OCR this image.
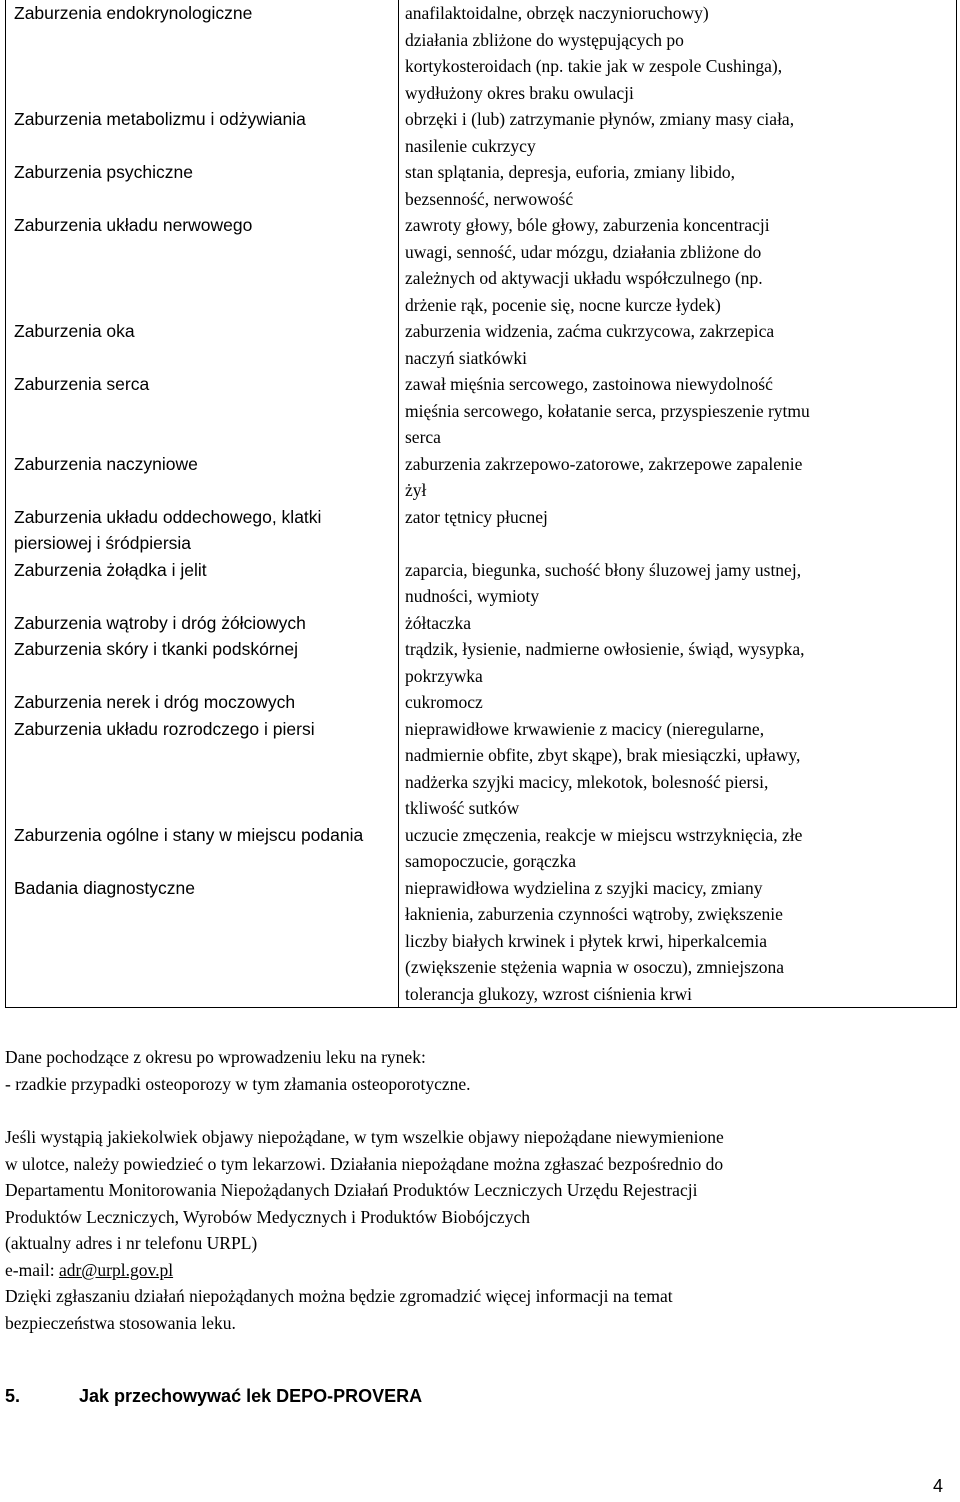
Zaburzenia endokrynologiczne	anafilaktoidalne, obrzęk naczynioruchowy)
działania zbliżone do występujących po
kortykosteroidach (np. takie jak w zespole Cushinga),
wydłużony okres braku owulacji

Zaburzenia metabolizmu i odżywiania	obrzęki i (lub) zatrzymanie płynów, zmiany masy ciała,
nasilenie cukrzycy

Zaburzenia psychiczne	stan splątania, depresja, euforia, zmiany libido,
bezsenność, nerwowość

Zaburzenia układu nerwowego	zawroty głowy, bóle głowy, zaburzenia koncentracji
uwagi, senność, udar mózgu, działania zbliżone do
zależnych od aktywacji układu współczulnego (np.
drżenie rąk, pocenie się, nocne kurcze łydek)

Zaburzenia oka	zaburzenia widzenia, zaćma cukrzycowa, zakrzepica
naczyń siatkówki

Zaburzenia serca	zawał mięśnia sercowego, zastoinowa niewydolność
mięśnia sercowego, kołatanie serca, przyspieszenie rytmu
serca

Zaburzenia naczyniowe	zaburzenia zakrzepowo-zatorowe, zakrzepowe zapalenie
żył

Zaburzenia układu oddechowego, klatki piersiowej i śródpiersia	zator tętnicy płucnej

Zaburzenia żołądka i jelit	zaparcia, biegunka, suchość błony śluzowej jamy ustnej,
nudności, wymioty

Zaburzenia wątroby i dróg żółciowych	żółtaczka

Zaburzenia skóry i tkanki podskórnej	trądzik, łysienie, nadmierne owłosienie, świąd, wysypka,
pokrzywka

Zaburzenia nerek i dróg moczowych	cukromocz

Zaburzenia układu rozrodczego i piersi	nieprawidłowe krwawienie z macicy (nieregularne,
nadmiernie obfite, zbyt skąpe), brak miesiączki, upławy,
nadżerka szyjki macicy, mlekotok, bolesność piersi,
tkliwość sutków

Zaburzenia ogólne i stany w miejscu podania	uczucie zmęczenia, reakcje w miejscu wstrzyknięcia, złe
samopoczucie, gorączka

Badania diagnostyczne	nieprawidłowa wydzielina z szyjki macicy, zmiany
łaknienia, zaburzenia czynności wątroby, zwiększenie
liczby białych krwinek i płytek krwi, hiperkalcemia
(zwiększenie stężenia wapnia w osoczu), zmniejszona
tolerancja glukozy, wzrost ciśnienia krwi

Dane pochodzące z okresu po wprowadzeniu leku na rynek:

- rzadkie przypadki osteoporozy w tym złamania osteoporotyczne.

Jeśli wystąpią jakiekolwiek objawy niepożądane, w tym wszelkie objawy niepożądane niewymienione

w ulotce, należy powiedzieć o tym lekarzowi. Działania niepożądane można zgłaszać bezpośrednio do

Departamentu Monitorowania Niepożądanych Działań Produktów Leczniczych Urzędu Rejestracji

Produktów Leczniczych, Wyrobów Medycznych i Produktów Biobójczych

(aktualny adres i nr telefonu URPL)

e-mail: adr@urpl.gov.pl

Dzięki zgłaszaniu działań niepożądanych można będzie zgromadzić więcej informacji na temat

bezpieczeństwa stosowania leku.

5.	Jak przechowywać lek DEPO-PROVERA
4
